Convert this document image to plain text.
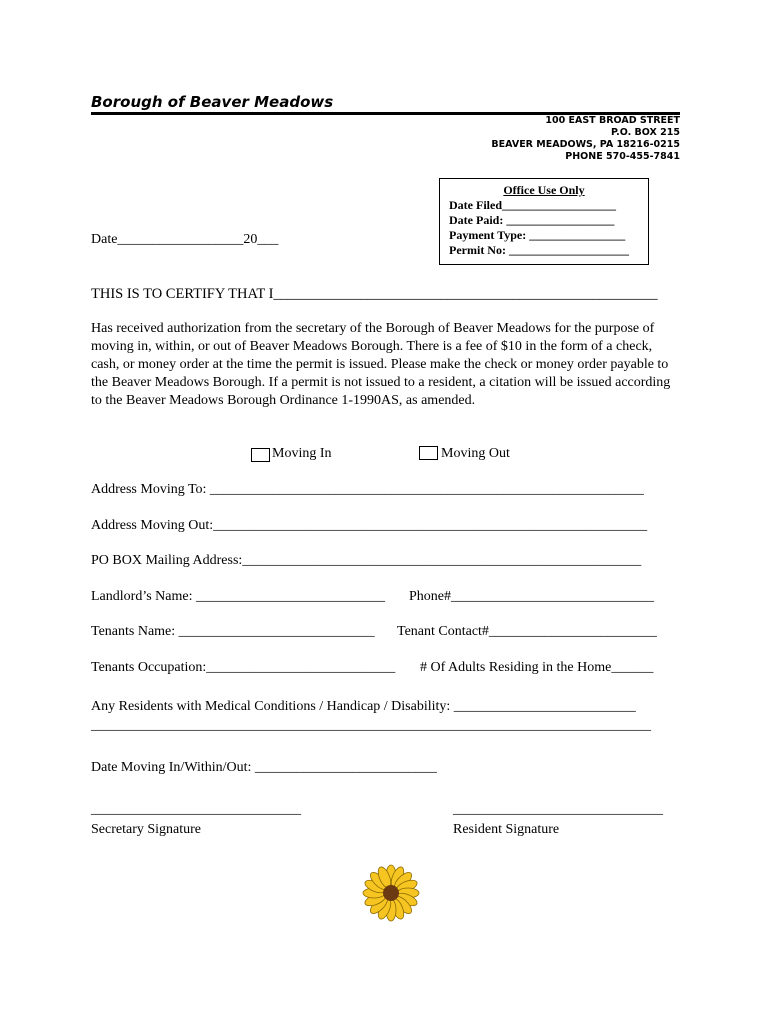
Borough of Beaver Meadows
100 EAST BROAD STREET
P.O. BOX 215
BEAVER MEADOWS, PA 18216-0215
PHONE 570-455-7841
Office Use Only
Date Filed___________________
Date Paid: __________________
Payment Type: ________________
Permit No: ____________________
Date__________________20___
THIS IS TO CERTIFY THAT I_____________________________________________________
Has received authorization from the secretary of the Borough of Beaver Meadows for the purpose of moving in, within, or out of Beaver Meadows Borough. There is a fee of $10 in the form of a check, cash, or money order at the time the permit is issued. Please make the check or money order payable to the Beaver Meadows Borough. If a permit is not issued to a resident, a citation will be issued according to the Beaver Meadows Borough Ordinance 1-1990AS, as amended.
Moving In	Moving Out
Address Moving To: ______________________________________________________________
Address Moving Out:______________________________________________________________
PO BOX Mailing Address:_________________________________________________________
Landlord’s Name: ___________________________ Phone#_____________________________
Tenants Name: ____________________________ Tenant Contact#________________________
Tenants Occupation:___________________________ # Of Adults Residing in the Home______
Any Residents with Medical Conditions / Handicap / Disability: __________________________
________________________________________________________________________________
Date Moving In/Within/Out: __________________________
______________________________
Secretary Signature
______________________________
Resident Signature
